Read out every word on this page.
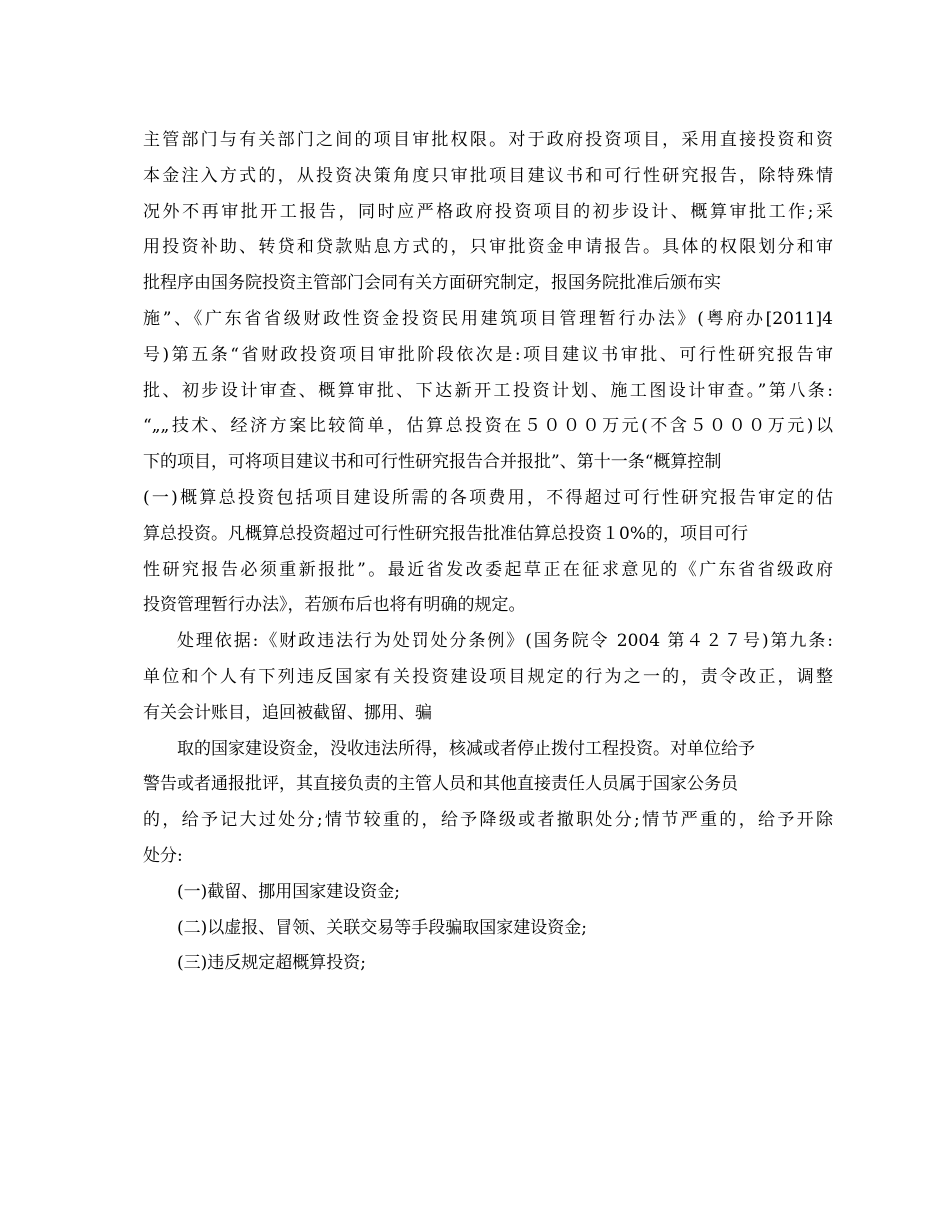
主管部门与有关部门之间的项目审批权限。对于政府投资项目，采用直接投资和资
本金注入方式的，从投资决策角度只审批项目建议书和可行性研究报告，除特殊情
况外不再审批开工报告，同时应严格政府投资项目的初步设计、概算审批工作;采
用投资补助、转贷和贷款贴息方式的，只审批资金申请报告。具体的权限划分和审
批程序由国务院投资主管部门会同有关方面研究制定，报国务院批准后颁布实
施”、《广东省省级财政性资金投资民用建筑项目管理暂行办法》(粤府办[2011]4
号)第五条“省财政投资项目审批阶段依次是:项目建议书审批、可行性研究报告审
批、初步设计审查、概算审批、下达新开工投资计划、施工图设计审查。”第八条:
“„„技术、经济方案比较简单，估算总投资在５０００万元(不含５０００万元)以
下的项目，可将项目建议书和可行性研究报告合并报批”、第十一条“概算控制
(一)概算总投资包括项目建设所需的各项费用，不得超过可行性研究报告审定的估
算总投资。凡概算总投资超过可行性研究报告批准估算总投资１0%的，项目可行
性研究报告必须重新报批”。最近省发改委起草正在征求意见的《广东省省级政府
投资管理暂行办法》，若颁布后也将有明确的规定。
处理依据:《财政违法行为处罚处分条例》(国务院令 2004 第４２７号)第九条:
单位和个人有下列违反国家有关投资建设项目规定的行为之一的，责令改正，调整
有关会计账目，追回被截留、挪用、骗
取的国家建设资金，没收违法所得，核减或者停止拨付工程投资。对单位给予
警告或者通报批评，其直接负责的主管人员和其他直接责任人员属于国家公务员
的，给予记大过处分;情节较重的，给予降级或者撤职处分;情节严重的，给予开除
处分:
(一)截留、挪用国家建设资金;
(二)以虚报、冒领、关联交易等手段骗取国家建设资金;
(三)违反规定超概算投资;
